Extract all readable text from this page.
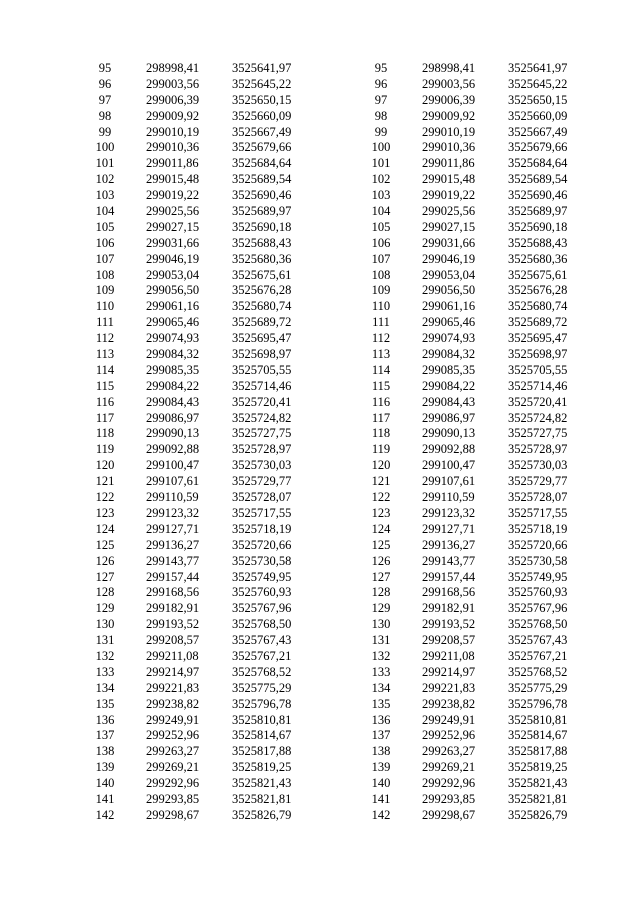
95	298998,41	3525641,97
96	299003,56	3525645,22
97	299006,39	3525650,15
98	299009,92	3525660,09
99	299010,19	3525667,49
100	299010,36	3525679,66
101	299011,86	3525684,64
102	299015,48	3525689,54
103	299019,22	3525690,46
104	299025,56	3525689,97
105	299027,15	3525690,18
106	299031,66	3525688,43
107	299046,19	3525680,36
108	299053,04	3525675,61
109	299056,50	3525676,28
110	299061,16	3525680,74
111	299065,46	3525689,72
112	299074,93	3525695,47
113	299084,32	3525698,97
114	299085,35	3525705,55
115	299084,22	3525714,46
116	299084,43	3525720,41
117	299086,97	3525724,82
118	299090,13	3525727,75
119	299092,88	3525728,97
120	299100,47	3525730,03
121	299107,61	3525729,77
122	299110,59	3525728,07
123	299123,32	3525717,55
124	299127,71	3525718,19
125	299136,27	3525720,66
126	299143,77	3525730,58
127	299157,44	3525749,95
128	299168,56	3525760,93
129	299182,91	3525767,96
130	299193,52	3525768,50
131	299208,57	3525767,43
132	299211,08	3525767,21
133	299214,97	3525768,52
134	299221,83	3525775,29
135	299238,82	3525796,78
136	299249,91	3525810,81
137	299252,96	3525814,67
138	299263,27	3525817,88
139	299269,21	3525819,25
140	299292,96	3525821,43
141	299293,85	3525821,81
142	299298,67	3525826,79
95	298998,41	3525641,97
96	299003,56	3525645,22
97	299006,39	3525650,15
98	299009,92	3525660,09
99	299010,19	3525667,49
100	299010,36	3525679,66
101	299011,86	3525684,64
102	299015,48	3525689,54
103	299019,22	3525690,46
104	299025,56	3525689,97
105	299027,15	3525690,18
106	299031,66	3525688,43
107	299046,19	3525680,36
108	299053,04	3525675,61
109	299056,50	3525676,28
110	299061,16	3525680,74
111	299065,46	3525689,72
112	299074,93	3525695,47
113	299084,32	3525698,97
114	299085,35	3525705,55
115	299084,22	3525714,46
116	299084,43	3525720,41
117	299086,97	3525724,82
118	299090,13	3525727,75
119	299092,88	3525728,97
120	299100,47	3525730,03
121	299107,61	3525729,77
122	299110,59	3525728,07
123	299123,32	3525717,55
124	299127,71	3525718,19
125	299136,27	3525720,66
126	299143,77	3525730,58
127	299157,44	3525749,95
128	299168,56	3525760,93
129	299182,91	3525767,96
130	299193,52	3525768,50
131	299208,57	3525767,43
132	299211,08	3525767,21
133	299214,97	3525768,52
134	299221,83	3525775,29
135	299238,82	3525796,78
136	299249,91	3525810,81
137	299252,96	3525814,67
138	299263,27	3525817,88
139	299269,21	3525819,25
140	299292,96	3525821,43
141	299293,85	3525821,81
142	299298,67	3525826,79
